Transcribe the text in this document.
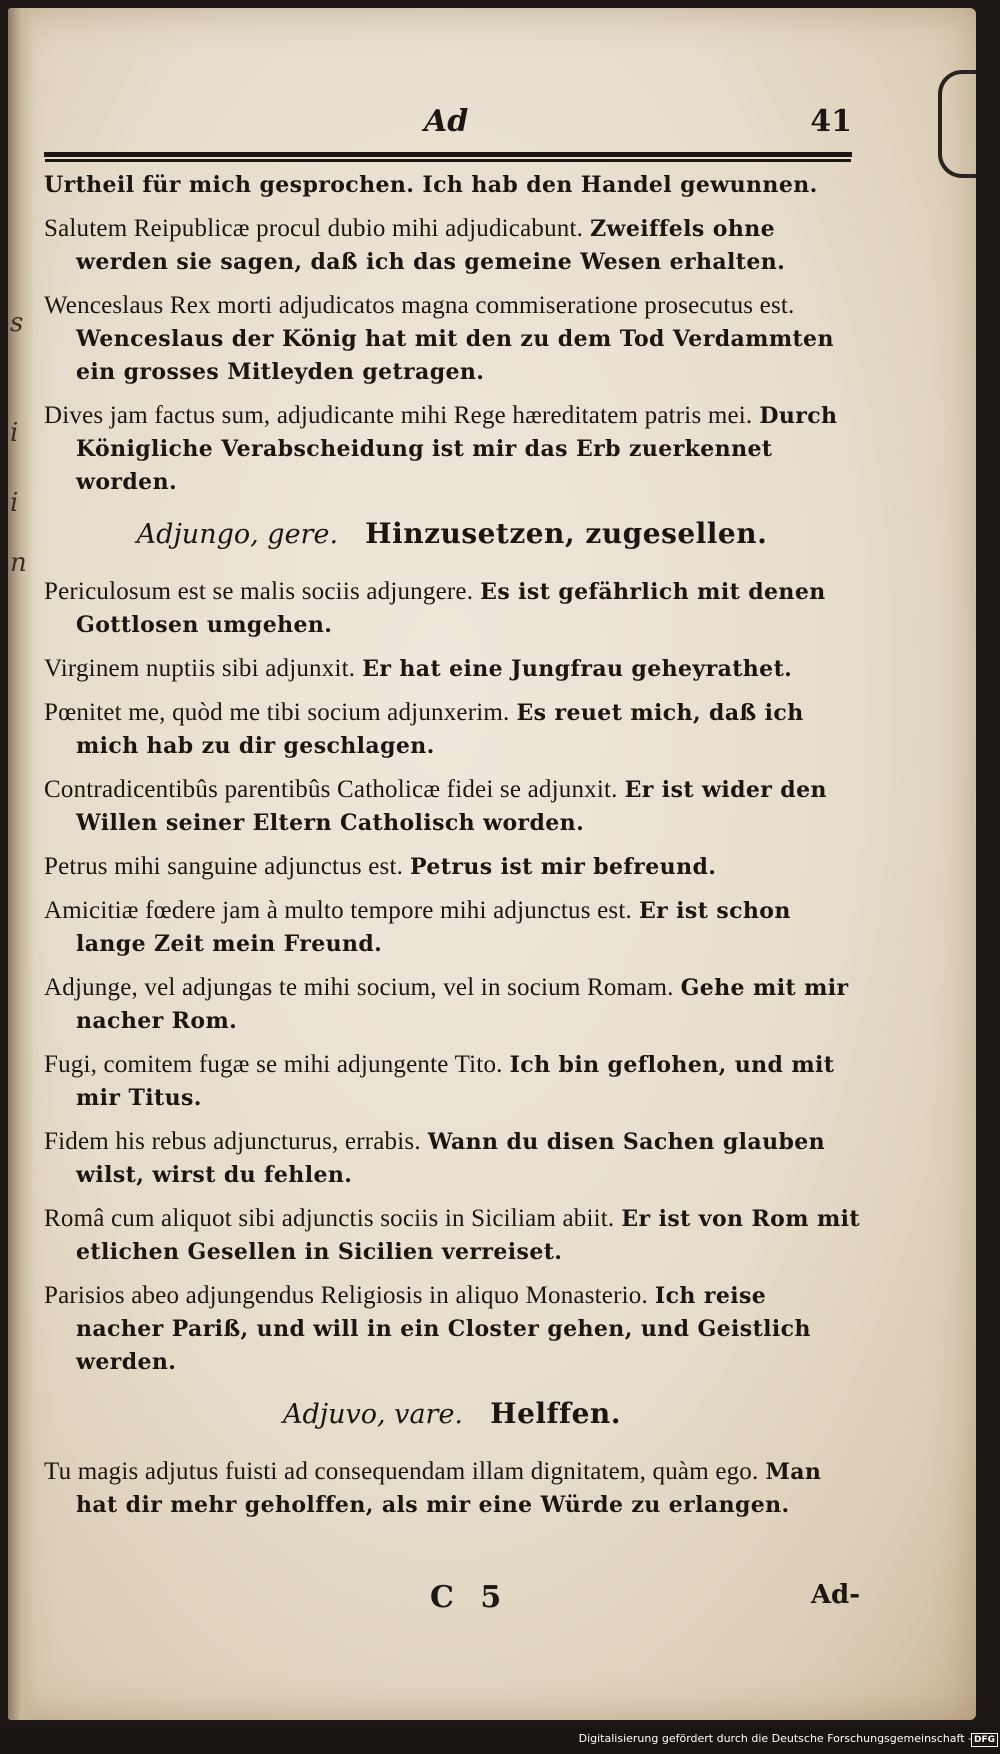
s
i
i
n
Ad	41

Urtheil für mich gesprochen. Ich hab den Handel gewunnen.

Salutem Reipublicæ procul dubio mihi adjudicabunt. Zweiffels ohne werden sie sagen, daß ich das gemeine Wesen erhalten.

Wenceslaus Rex morti adjudicatos magna commiseratione prosecutus est. Wenceslaus der König hat mit den zu dem Tod Verdammten ein grosses Mitleyden getragen.

Dives jam factus sum, adjudicante mihi Rege hæreditatem patris mei. Durch Königliche Verabscheidung ist mir das Erb zuerkennet worden.

Adjungo, gere. Hinzusetzen, zugesellen.

Periculosum est se malis sociis adjungere. Es ist gefährlich mit denen Gottlosen umgehen.

Virginem nuptiis sibi adjunxit. Er hat eine Jungfrau geheyrathet.

Pœnitet me, quòd me tibi socium adjunxerim. Es reuet mich, daß ich mich hab zu dir geschlagen.

Contradicentibûs parentibûs Catholicæ fidei se adjunxit. Er ist wider den Willen seiner Eltern Catholisch worden.

Petrus mihi sanguine adjunctus est. Petrus ist mir befreund.

Amicitiæ fœdere jam à multo tempore mihi adjunctus est. Er ist schon lange Zeit mein Freund.

Adjunge, vel adjungas te mihi socium, vel in socium Romam. Gehe mit mir nacher Rom.

Fugi, comitem fugæ se mihi adjungente Tito. Ich bin geflohen, und mit mir Titus.

Fidem his rebus adjuncturus, errabis. Wann du disen Sachen glauben wilst, wirst du fehlen.

Româ cum aliquot sibi adjunctis sociis in Siciliam abiit. Er ist von Rom mit etlichen Gesellen in Sicilien verreiset.

Parisios abeo adjungendus Religiosis in aliquo Monasterio. Ich reise nacher Pariß, und will in ein Closter gehen, und Geistlich werden.

Adjuvo, vare. Helffen.

Tu magis adjutus fuisti ad consequendam illam dignitatem, quàm ego. Man hat dir mehr geholffen, als mir eine Würde zu erlangen.

C 5	Ad-
Digitalisierung gefördert durch die Deutsche Forschungsgemeinschaft - DFG
